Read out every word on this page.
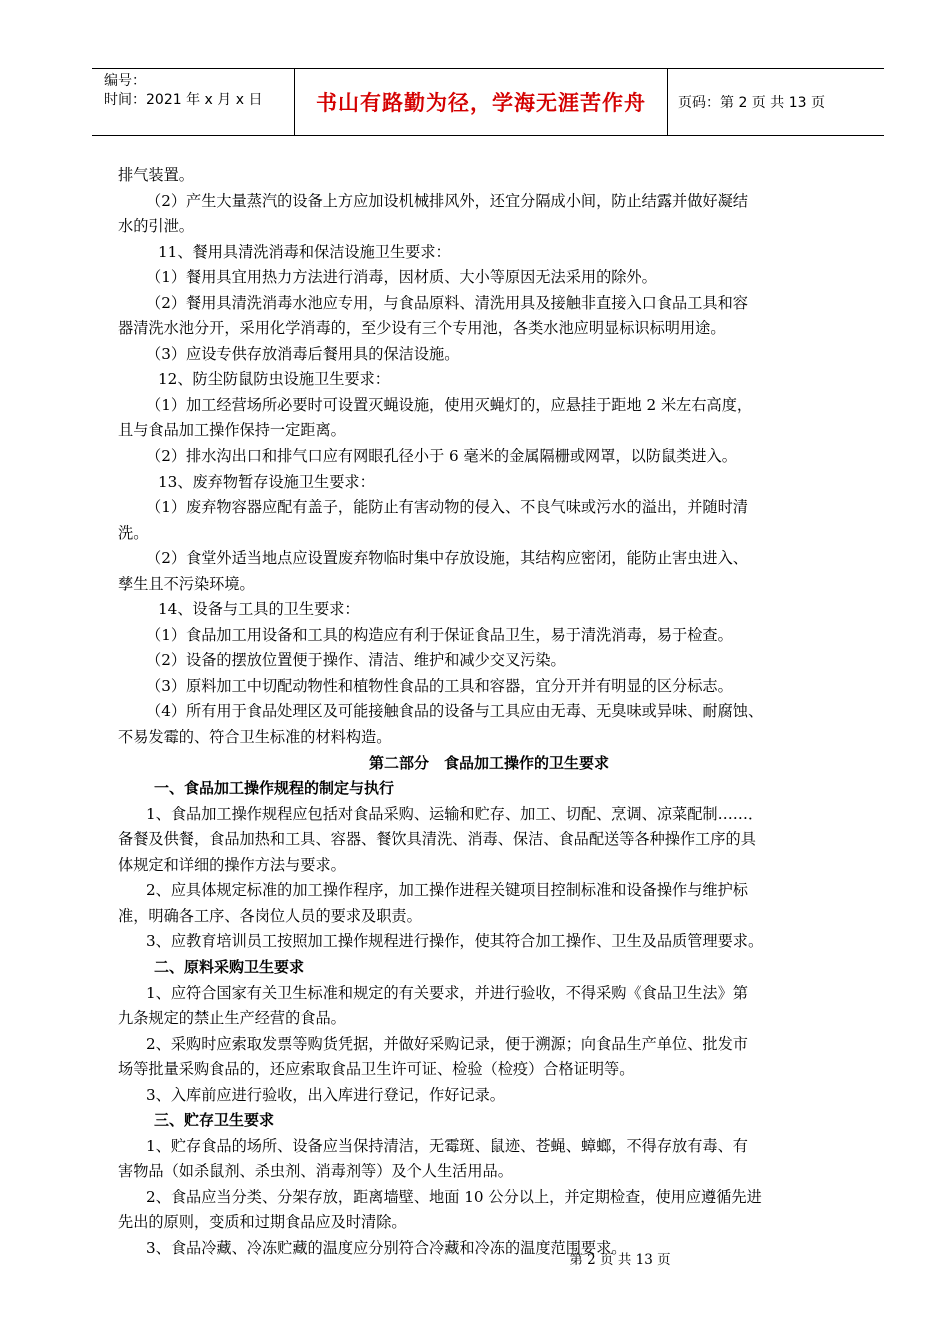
编号：
时间：2021 年 x 月 x 日	书山有路勤为径，学海无涯苦作舟	页码：第 2 页 共 13 页
排气装置。
（2）产生大量蒸汽的设备上方应加设机械排风外，还宜分隔成小间，防止结露并做好凝结
水的引泄。
11、餐用具清洗消毒和保洁设施卫生要求：
（1）餐用具宜用热力方法进行消毒，因材质、大小等原因无法采用的除外。
（2）餐用具清洗消毒水池应专用，与食品原料、清洗用具及接触非直接入口食品工具和容
器清洗水池分开，采用化学消毒的，至少设有三个专用池，各类水池应明显标识标明用途。
（3）应设专供存放消毒后餐用具的保洁设施。
12、防尘防鼠防虫设施卫生要求：
（1）加工经营场所必要时可设置灭蝇设施，使用灭蝇灯的，应悬挂于距地 2 米左右高度，
且与食品加工操作保持一定距离。
（2）排水沟出口和排气口应有网眼孔径小于 6 毫米的金属隔栅或网罩，以防鼠类进入。
13、废弃物暂存设施卫生要求：
（1）废弃物容器应配有盖子，能防止有害动物的侵入、不良气味或污水的溢出，并随时清
洗。
（2）食堂外适当地点应设置废弃物临时集中存放设施，其结构应密闭，能防止害虫进入、
孳生且不污染环境。
14、设备与工具的卫生要求：
（1）食品加工用设备和工具的构造应有利于保证食品卫生，易于清洗消毒，易于检查。
（2）设备的摆放位置便于操作、清洁、维护和减少交叉污染。
（3）原料加工中切配动物性和植物性食品的工具和容器，宜分开并有明显的区分标志。
（4）所有用于食品处理区及可能接触食品的设备与工具应由无毒、无臭味或异味、耐腐蚀、
不易发霉的、符合卫生标准的材料构造。
第二部分　食品加工操作的卫生要求
一、食品加工操作规程的制定与执行
1、食品加工操作规程应包括对食品采购、运输和贮存、加工、切配、烹调、凉菜配制……．
备餐及供餐，食品加热和工具、容器、餐饮具清洗、消毒、保洁、食品配送等各种操作工序的具
体规定和详细的操作方法与要求。
2、应具体规定标准的加工操作程序，加工操作进程关键项目控制标准和设备操作与维护标
准，明确各工序、各岗位人员的要求及职责。
3、应教育培训员工按照加工操作规程进行操作，使其符合加工操作、卫生及品质管理要求。
二、原料采购卫生要求
1、应符合国家有关卫生标准和规定的有关要求，并进行验收，不得采购《食品卫生法》第
九条规定的禁止生产经营的食品。
2、采购时应索取发票等购货凭据，并做好采购记录，便于溯源；向食品生产单位、批发市
场等批量采购食品的，还应索取食品卫生许可证、检验（检疫）合格证明等。
3、入库前应进行验收，出入库进行登记，作好记录。
三、贮存卫生要求
1、贮存食品的场所、设备应当保持清洁，无霉斑、鼠迹、苍蝇、蟑螂，不得存放有毒、有
害物品（如杀鼠剂、杀虫剂、消毒剂等）及个人生活用品。
2、食品应当分类、分架存放，距离墙壁、地面 10 公分以上，并定期检查，使用应遵循先进
先出的原则，变质和过期食品应及时清除。
3、食品冷藏、冷冻贮藏的温度应分别符合冷藏和冷冻的温度范围要求。
第 2 页 共 13 页
